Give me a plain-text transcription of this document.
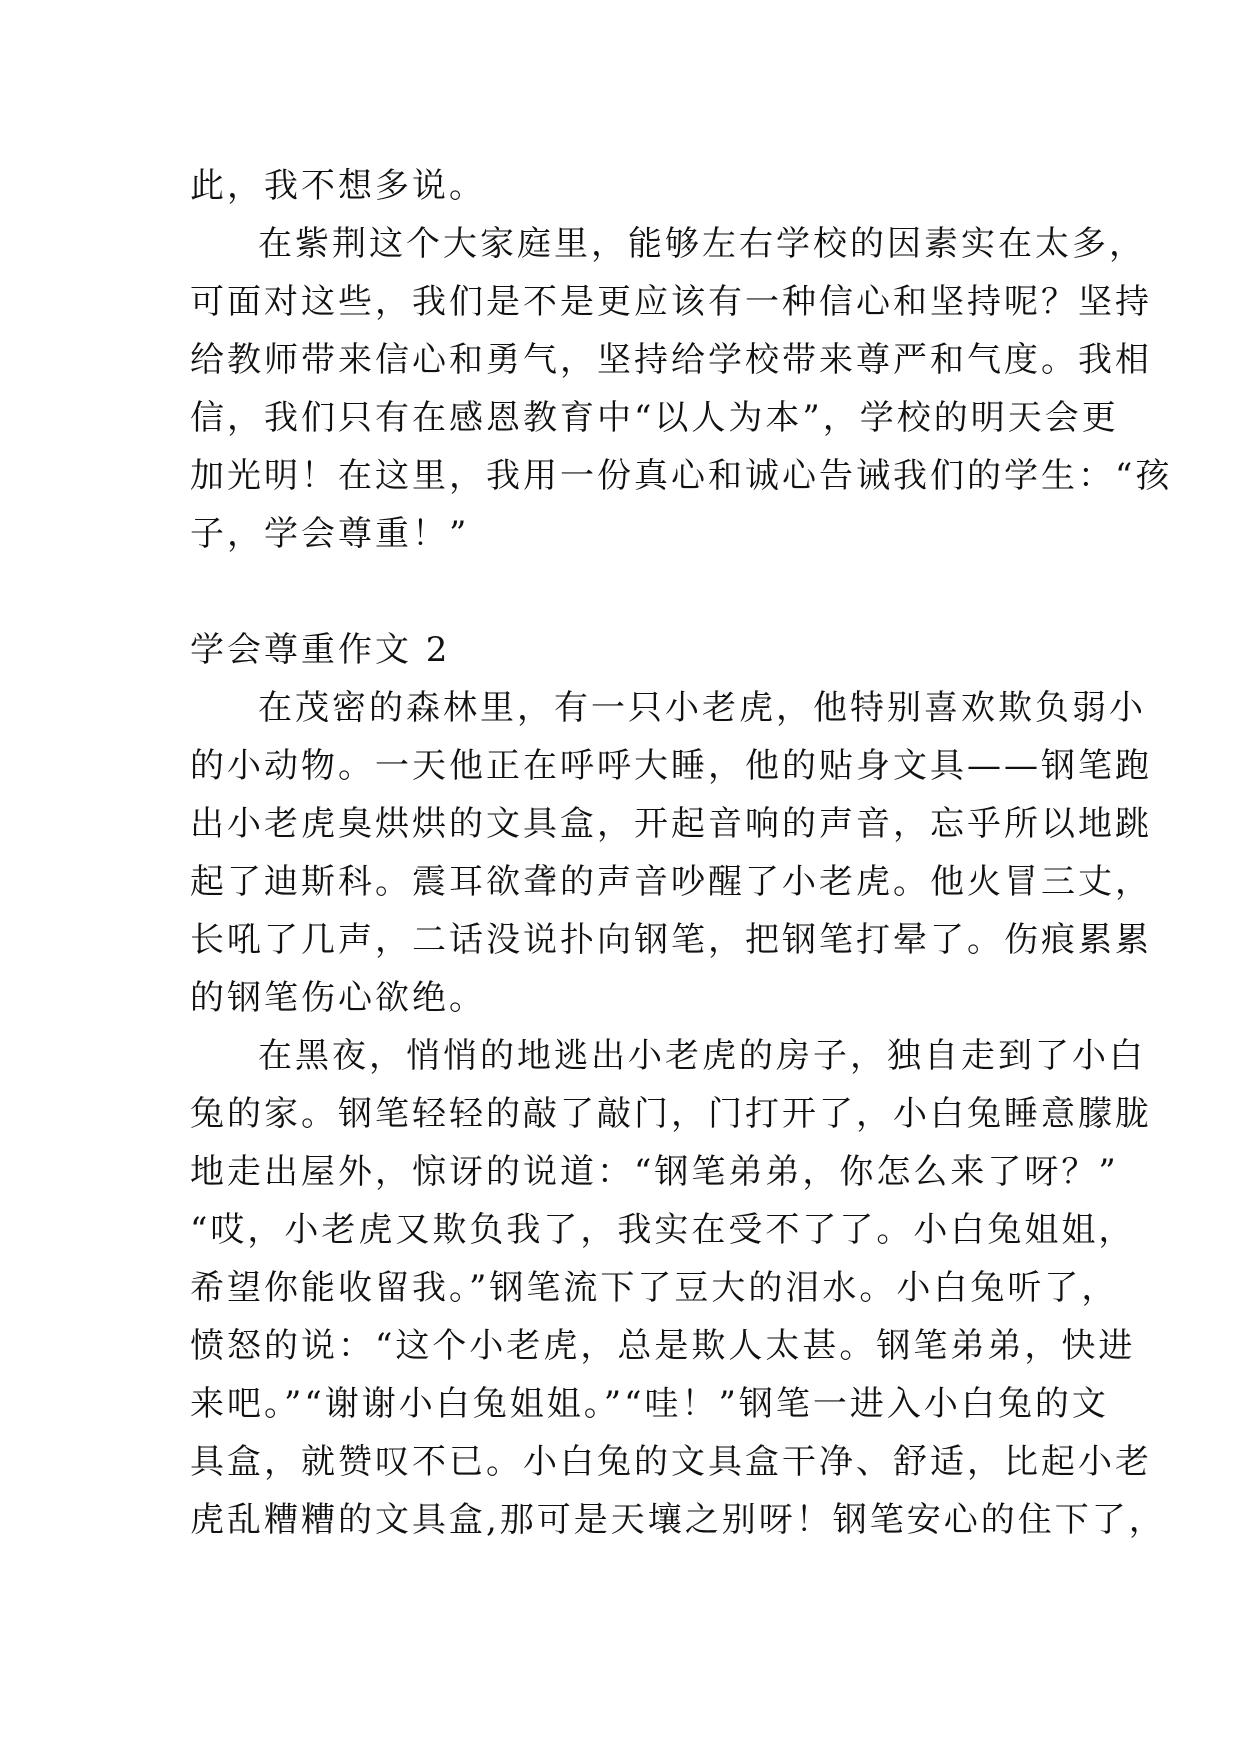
此，我不想多说。
在紫荆这个大家庭里，能够左右学校的因素实在太多，
可面对这些，我们是不是更应该有一种信心和坚持呢？坚持
给教师带来信心和勇气，坚持给学校带来尊严和气度。我相
信，我们只有在感恩教育中“以人为本”，学校的明天会更
加光明！在这里，我用一份真心和诚心告诫我们的学生：“孩
子，学会尊重！”
学会尊重作文 2
在茂密的森林里，有一只小老虎，他特别喜欢欺负弱小
的小动物。一天他正在呼呼大睡，他的贴身文具——钢笔跑
出小老虎臭烘烘的文具盒，开起音响的声音，忘乎所以地跳
起了迪斯科。震耳欲聋的声音吵醒了小老虎。他火冒三丈，
长吼了几声，二话没说扑向钢笔，把钢笔打晕了。伤痕累累
的钢笔伤心欲绝。
在黑夜，悄悄的地逃出小老虎的房子，独自走到了小白
兔的家。钢笔轻轻的敲了敲门，门打开了，小白兔睡意朦胧
地走出屋外，惊讶的说道：“钢笔弟弟，你怎么来了呀？”
“哎，小老虎又欺负我了，我实在受不了了。小白兔姐姐，
希望你能收留我。”钢笔流下了豆大的泪水。小白兔听了，
愤怒的说：“这个小老虎，总是欺人太甚。钢笔弟弟，快进
来吧。”“谢谢小白兔姐姐。”“哇！”钢笔一进入小白兔的文
具盒，就赞叹不已。小白兔的文具盒干净、舒适，比起小老
虎乱糟糟的文具盒,那可是天壤之别呀！钢笔安心的住下了，
